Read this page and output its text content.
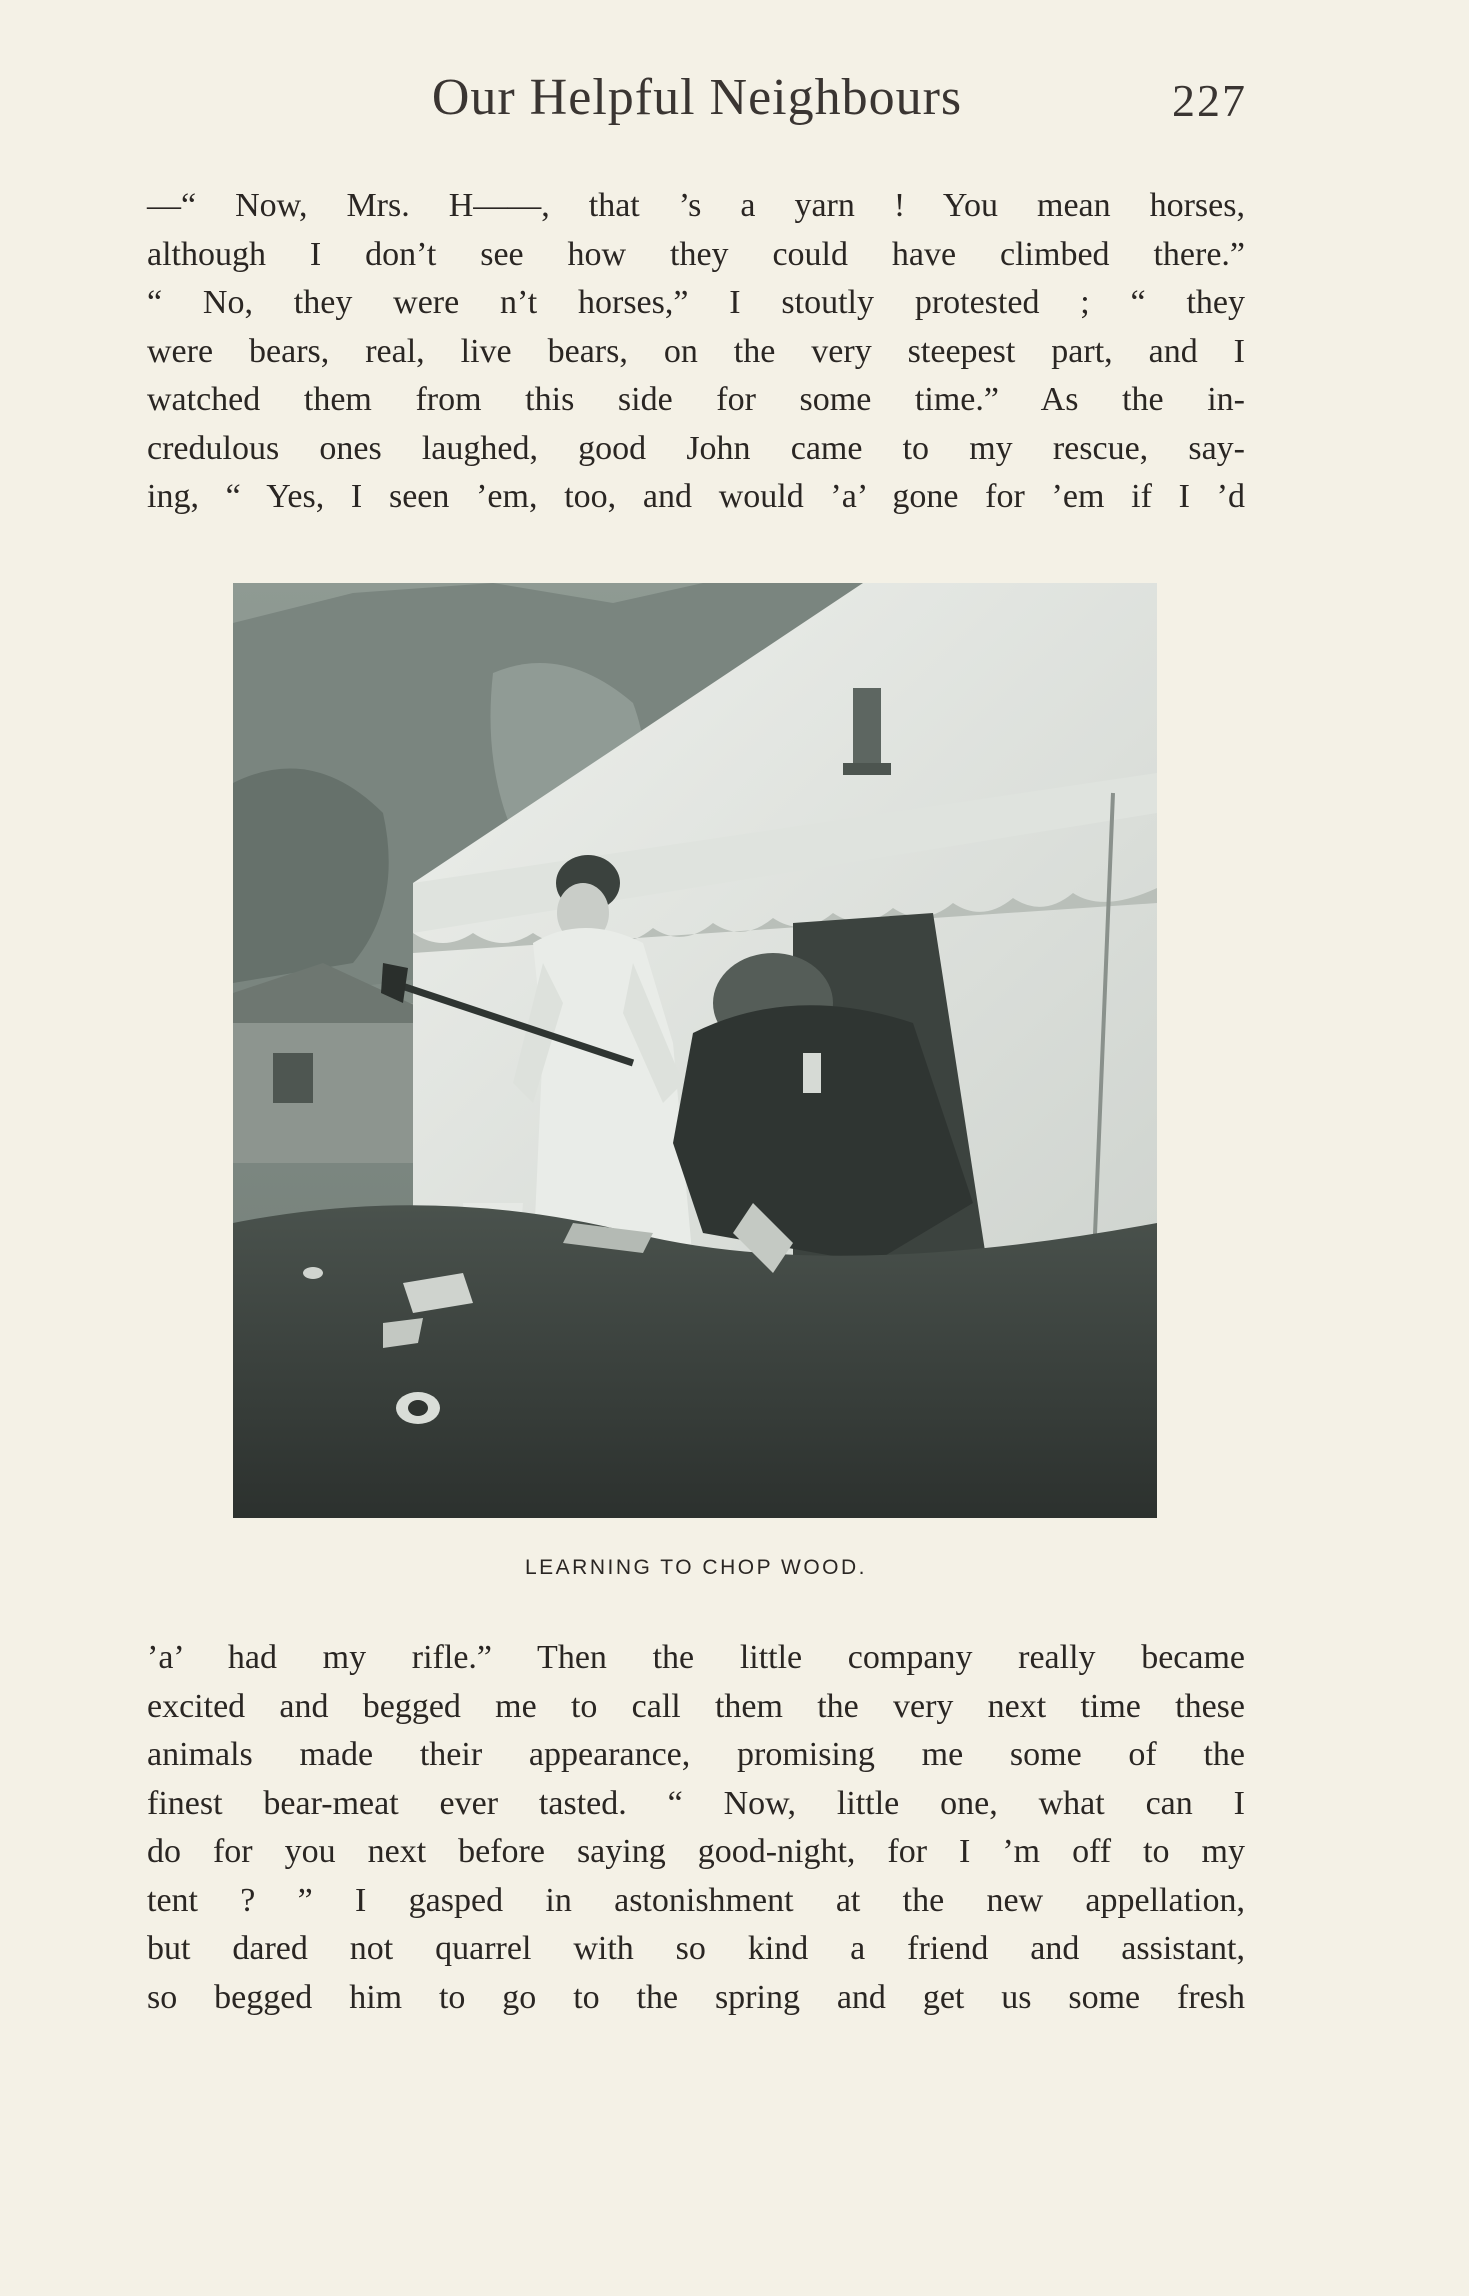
Our Helpful Neighbours	227
—“ Now, Mrs. H——, that ’s a yarn ! You mean horses,
although I don’t see how they could have climbed there.”
“ No, they were n’t horses,” I stoutly protested ; “ they
were bears, real, live bears, on the very steepest part, and I
watched them from this side for some time.” As the in-
credulous ones laughed, good John came to my rescue, say-
ing, “ Yes, I seen ’em, too, and would ’a’ gone for ’em if I ’d
LEARNING TO CHOP WOOD.
’a’ had my rifle.” Then the little company really became
excited and begged me to call them the very next time these
animals made their appearance, promising me some of the
finest bear-meat ever tasted. “ Now, little one, what can I
do for you next before saying good-night, for I ’m off to my
tent ? ” I gasped in astonishment at the new appellation,
but dared not quarrel with so kind a friend and assistant,
so begged him to go to the spring and get us some fresh
